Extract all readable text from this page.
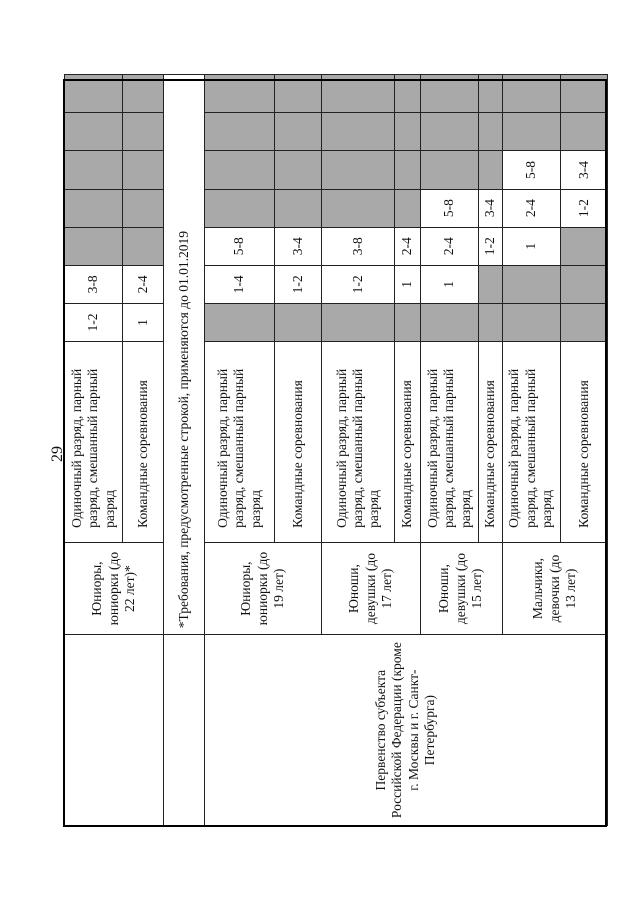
29
	Юниоры, юниорки (до 22 лет)*	Одиночный разряд, парный разряд, смешанный парный разряд	1-2	3-8					
		Командные соревнования	1	2-4					
	*Требования, предусмотренные строкой, применяются до 01.01.2019								
Первенство субъекта Российской Федерации (кроме г. Москвы и г. Санкт-Петербурга)	Юниоры, юниорки (до 19 лет)	Одиночный разряд, парный разряд, смешанный парный разряд		1-4	5-8				
		Командные соревнования		1-2	3-4				
	Юноши, девушки (до 17 лет)	Одиночный разряд, парный разряд, смешанный парный разряд		1-2	3-8				
		Командные соревнования		1	2-4				
	Юноши, девушки (до 15 лет)	Одиночный разряд, парный разряд, смешанный парный разряд		1	2-4	5-8			
		Командные соревнования			1-2	3-4			
	Мальчики, девочки (до 13 лет)	Одиночный разряд, парный разряд, смешанный парный разряд			1	2-4	5-8		
		Командные соревнования				1-2	3-4		
